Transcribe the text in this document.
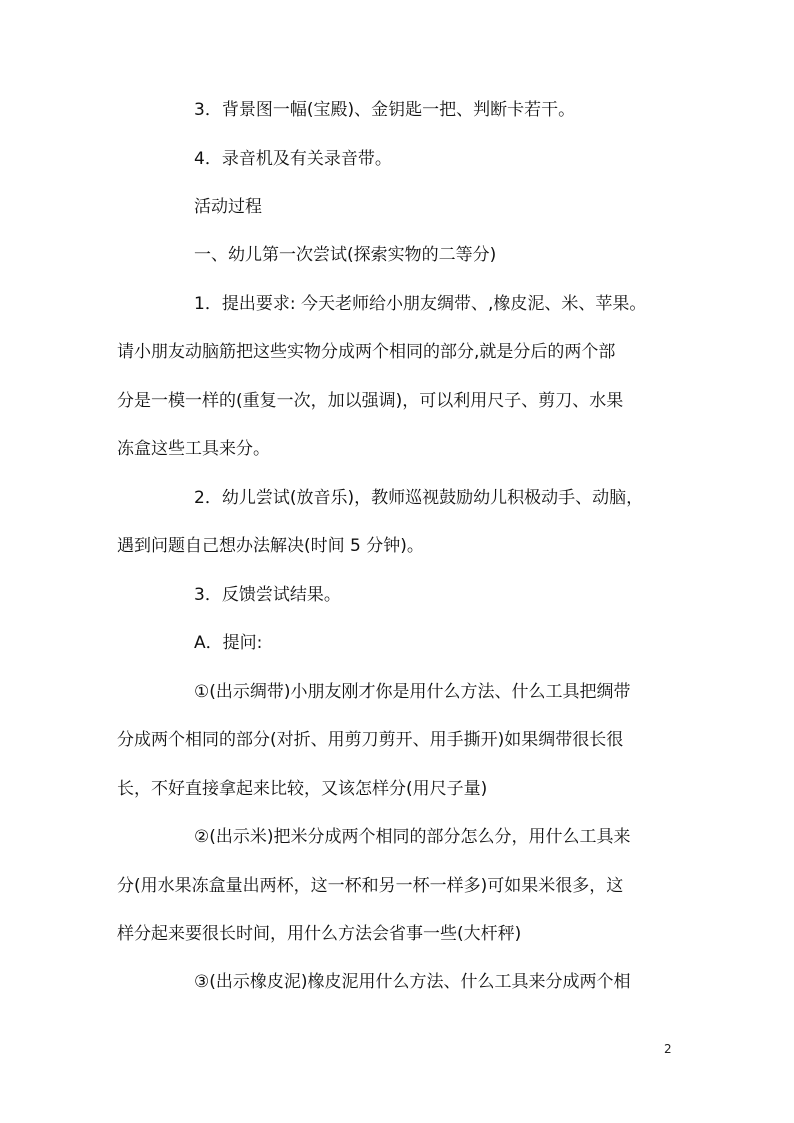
3．背景图一幅(宝殿)、金钥匙一把、判断卡若干。
4．录音机及有关录音带。
活动过程
一、幼儿第一次尝试(探索实物的二等分)
1．提出要求: 今天老师给小朋友绸带、,橡皮泥、米、苹果。
请小朋友动脑筋把这些实物分成两个相同的部分,就是分后的两个部
分是一模一样的(重复一次，加以强调)，可以利用尺子、剪刀、水果
冻盒这些工具来分。
2．幼儿尝试(放音乐)，教师巡视鼓励幼儿积极动手、动脑，
遇到问题自己想办法解决(时间 5 分钟)。
3．反馈尝试结果。
A．提问:
①(出示绸带)小朋友刚才你是用什么方法、什么工具把绸带
分成两个相同的部分(对折、用剪刀剪开、用手撕开)如果绸带很长很
长，不好直接拿起来比较，又该怎样分(用尺子量)
②(出示米)把米分成两个相同的部分怎么分，用什么工具来
分(用水果冻盒量出两杯，这一杯和另一杯一样多)可如果米很多，这
样分起来要很长时间，用什么方法会省事一些(大杆秤)
③(出示橡皮泥)橡皮泥用什么方法、什么工具来分成两个相
2
